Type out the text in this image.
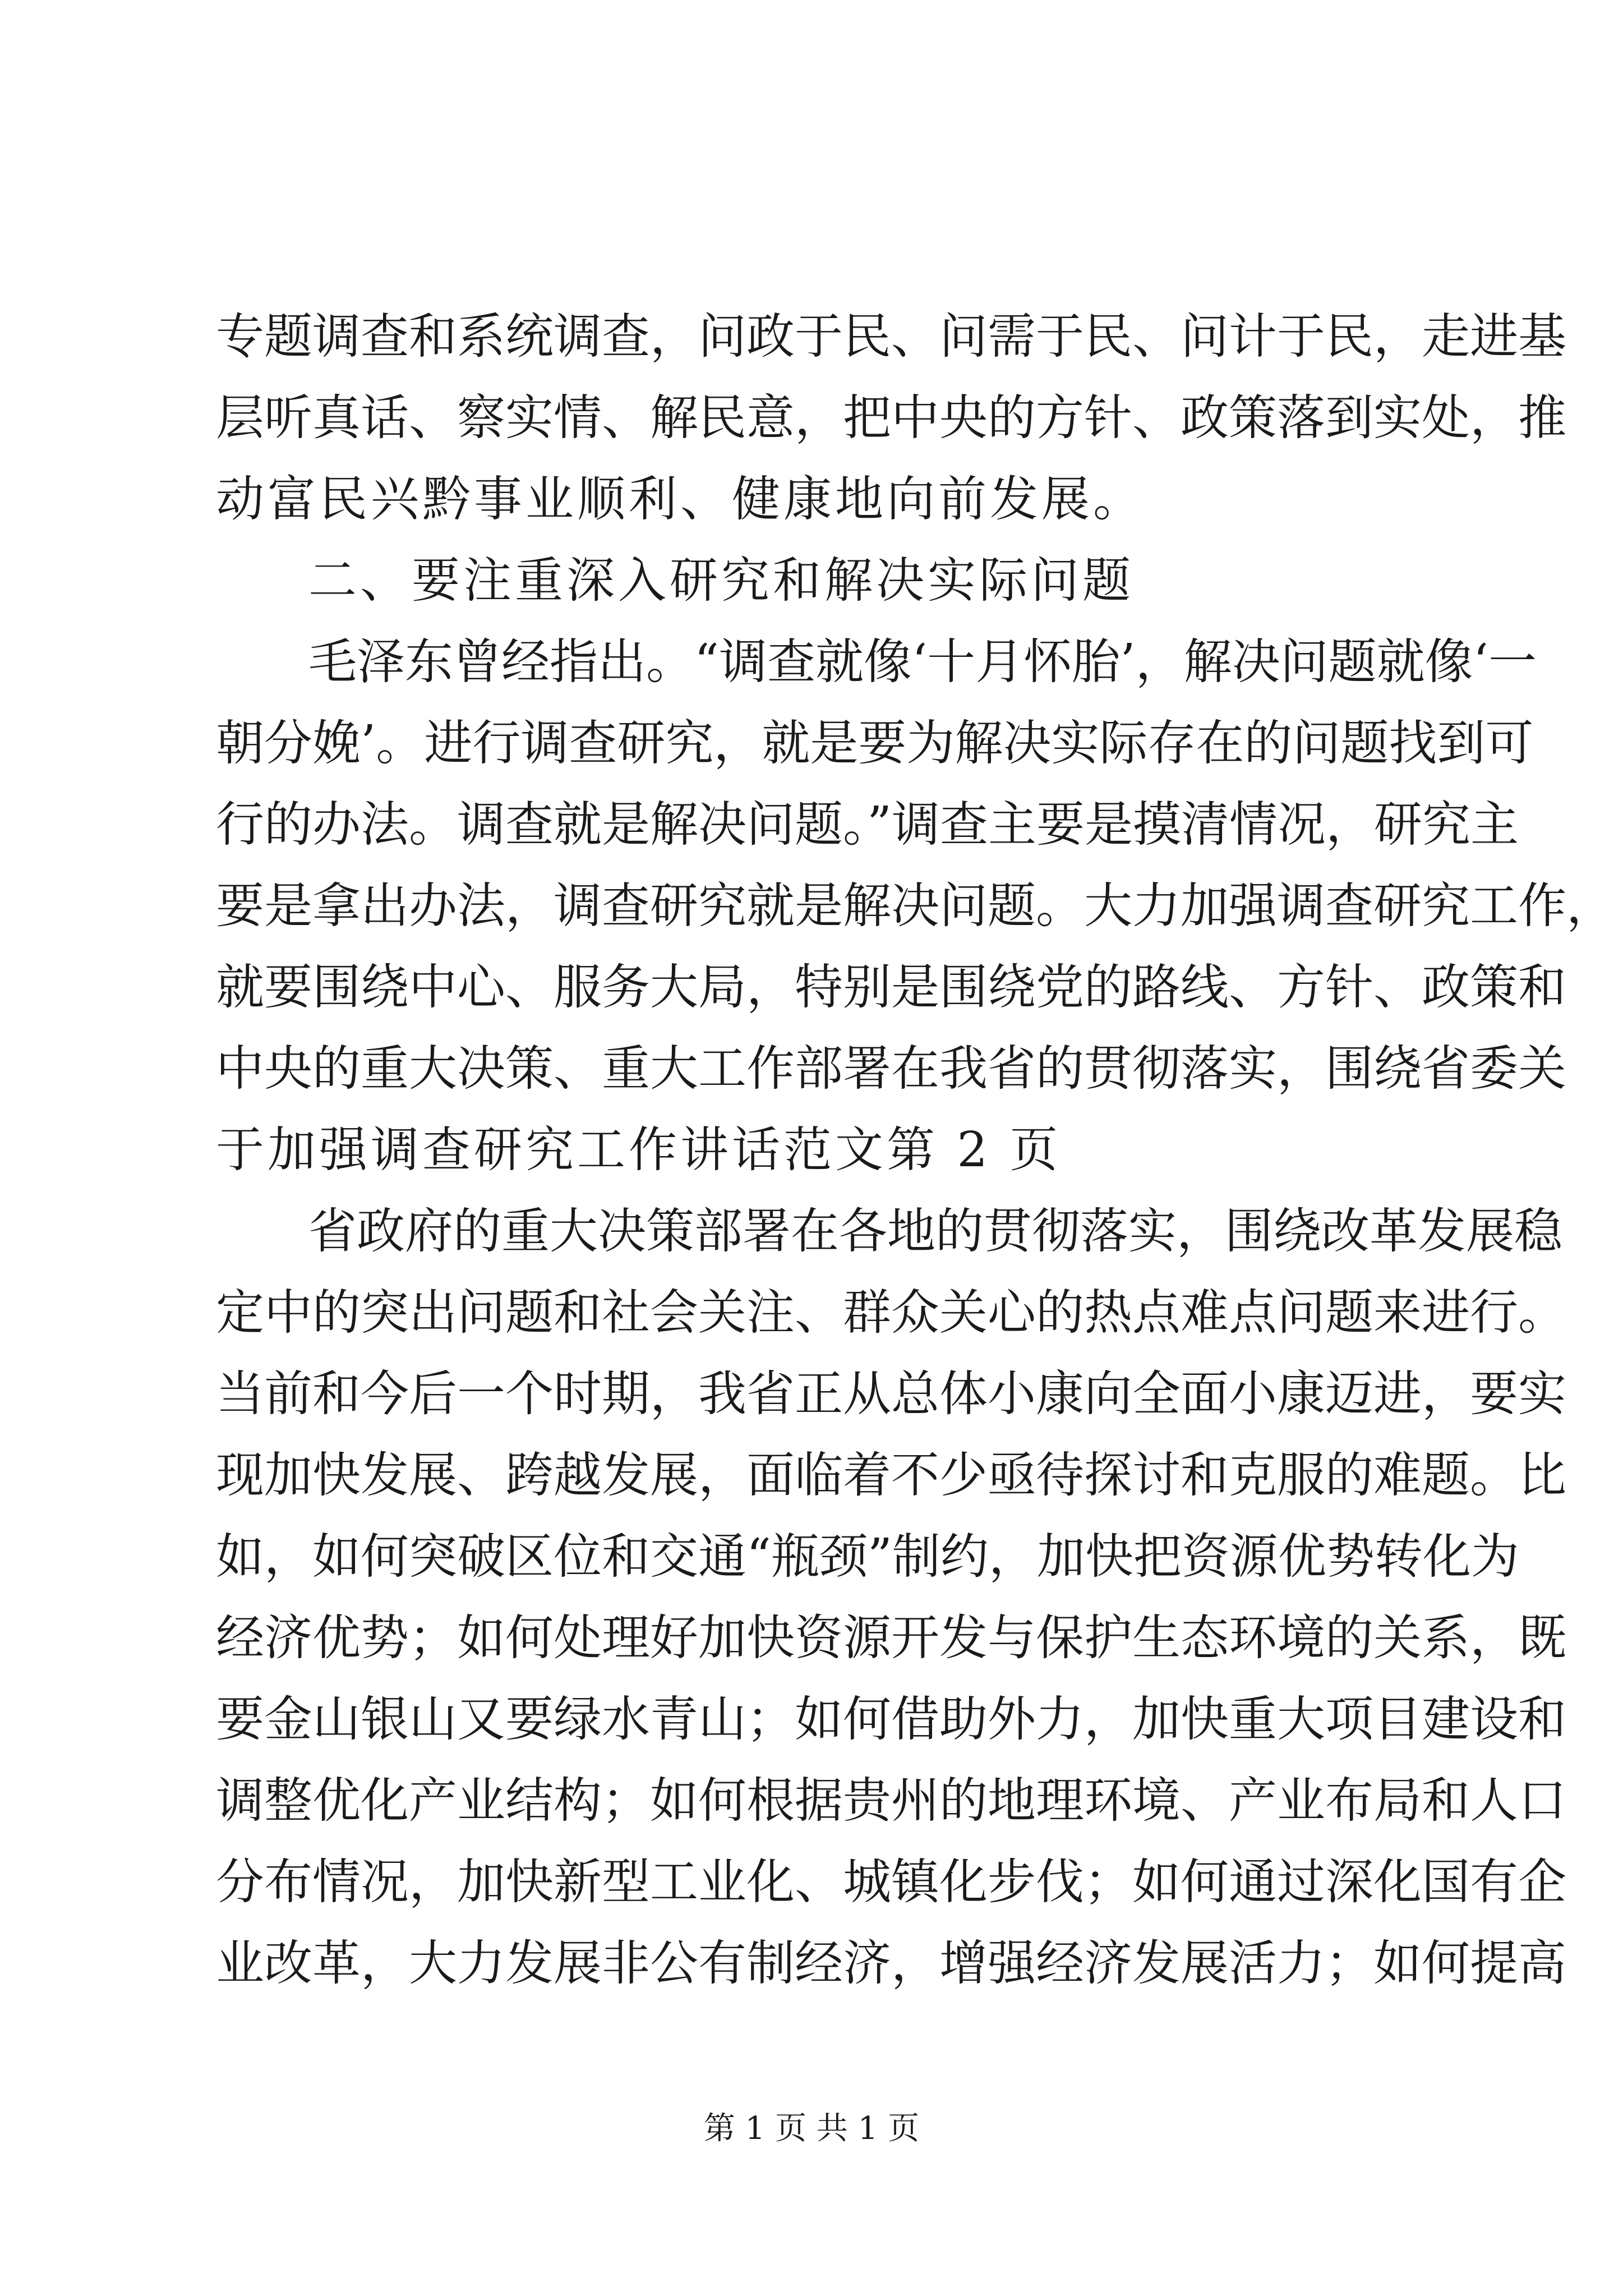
专题调查和系统调查，问政于民、问需于民、问计于民，走进基
层听真话、察实情、解民意，把中央的方针、政策落到实处，推
动富民兴黔事业顺利、健康地向前发展。
二、要注重深入研究和解决实际问题
毛泽东曾经指出。“调查就像‘十月怀胎’，解决问题就像‘一
朝分娩’。进行调查研究，就是要为解决实际存在的问题找到可
行的办法。调查就是解决问题。”调查主要是摸清情况，研究主
要是拿出办法，调查研究就是解决问题。大力加强调查研究工作，
就要围绕中心、服务大局，特别是围绕党的路线、方针、政策和
中央的重大决策、重大工作部署在我省的贯彻落实，围绕省委关
于加强调查研究工作讲话范文第 2 页
省政府的重大决策部署在各地的贯彻落实，围绕改革发展稳
定中的突出问题和社会关注、群众关心的热点难点问题来进行。
当前和今后一个时期，我省正从总体小康向全面小康迈进，要实
现加快发展、跨越发展，面临着不少亟待探讨和克服的难题。比
如，如何突破区位和交通“瓶颈”制约，加快把资源优势转化为
经济优势；如何处理好加快资源开发与保护生态环境的关系，既
要金山银山又要绿水青山；如何借助外力，加快重大项目建设和
调整优化产业结构；如何根据贵州的地理环境、产业布局和人口
分布情况，加快新型工业化、城镇化步伐；如何通过深化国有企
业改革，大力发展非公有制经济，增强经济发展活力；如何提高
第 1 页 共 1 页
